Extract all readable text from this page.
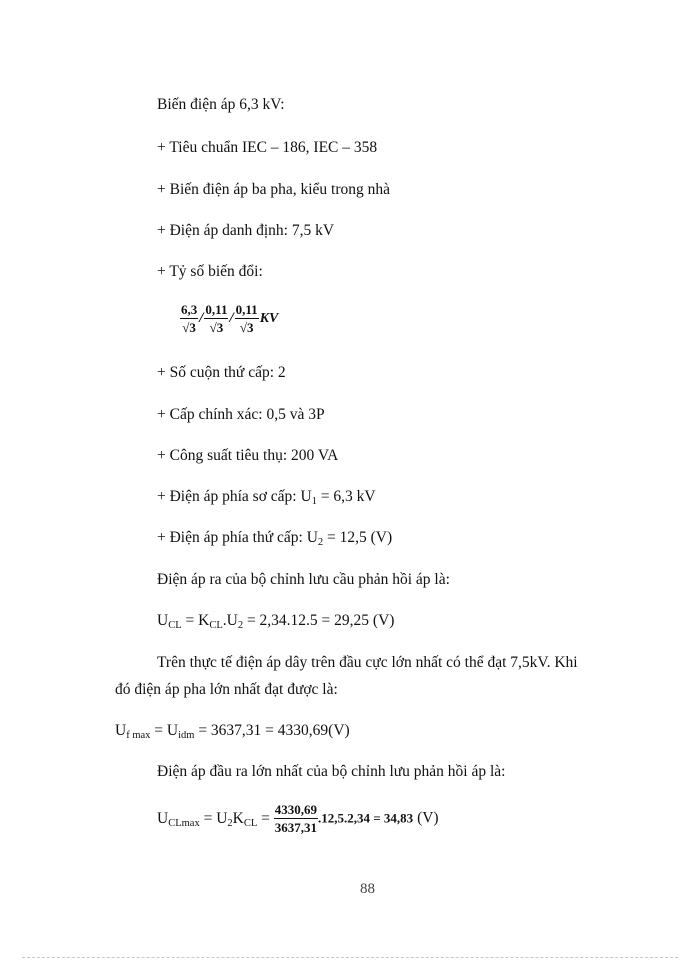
Biến điện áp 6,3 kV:
+ Tiêu chuẩn IEC – 186, IEC – 358
+ Biến điện áp ba pha, kiểu trong nhà
+ Điện áp danh định: 7,5 kV
+ Tỷ số biến đổi:
$\frac{6,3}{√3} / \frac{0,11}{√3} / \frac{0,11}{√3}$ KV
+ Số cuộn thứ cấp: 2
+ Cấp chính xác: 0,5 và 3P
+ Công suất tiêu thụ: 200 VA
+ Điện áp phía sơ cấp: $U_1 = 6,3$ kV
+ Điện áp phía thứ cấp: $U_2 = 12,5$ (V)
Điện áp ra của bộ chỉnh lưu cầu phản hồi áp là:
$U_{CL} = K_{CL}.U_2 = 2,34.12.5 = 29,25$ (V)
Trên thực tế điện áp dây trên đầu cực lớn nhất có thể đạt 7,5kV. Khi
đó điện áp pha lớn nhất đạt được là:
$U_{f max} = U_{idm} = 3637,31 = 4330,69(V)$
Điện áp đầu ra lớn nhất của bộ chỉnh lưu phản hồi áp là:
$U_{CLmax} = U_2K_{CL} = \frac{4330,69}{3637,31} .12,5.2,34 = 34,83$ (V)
88
